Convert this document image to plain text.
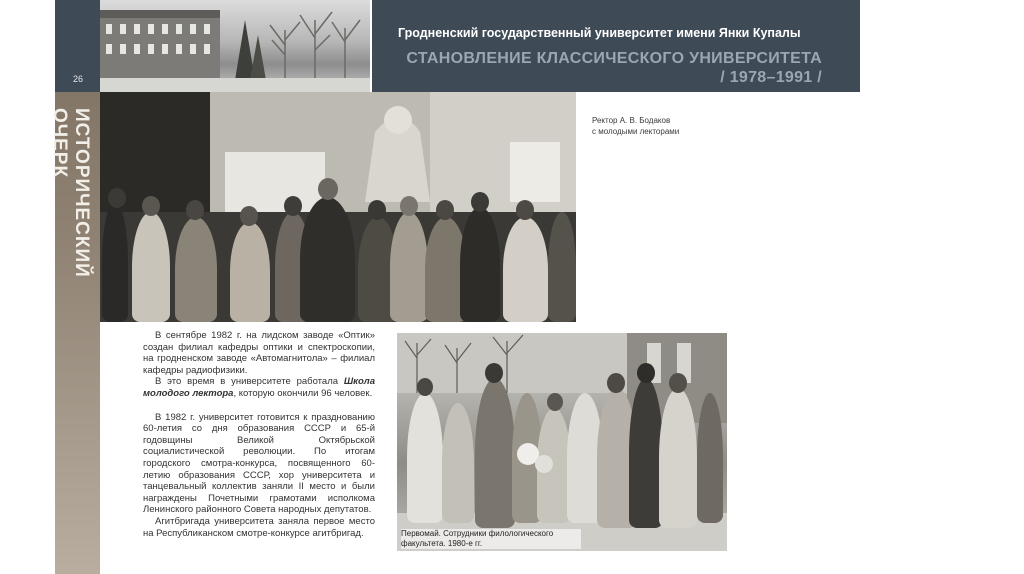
26
ИСТОРИЧЕСКИЙ ОЧЕРК
Гродненский государственный университет имени Янки Купалы
СТАНОВЛЕНИЕ КЛАССИЧЕСКОГО УНИВЕРСИТЕТА
/ 1978–1991 /
Ректор А. В. Бодаков
с молодыми лекторами

В сентябре 1982 г. на лидском заводе «Оптик» создан филиал кафедры оптики и спектроскопии, на гродненском заводе «Автомагнитола» – филиал кафедры радиофизики.

В это время в университете работала Школа молодого лектора, которую окончили 96 человек.

В 1982 г. университет готовится к празднованию 60-летия со дня образования СССР и 65-й годовщины Великой Октябрьской социалистической революции. По итогам городского смотра-конкурса, посвященного 60-летию образования СССР, хор университета и танцевальный коллектив заняли II место и были награждены Почетными грамотами исполкома Ленинского районного Совета народных депутатов.

Агитбригада университета заняла первое место на Республиканском смотре-конкурсе агитбригад.	Первомай. Сотрудники филологического
факультета. 1980-е гг.
